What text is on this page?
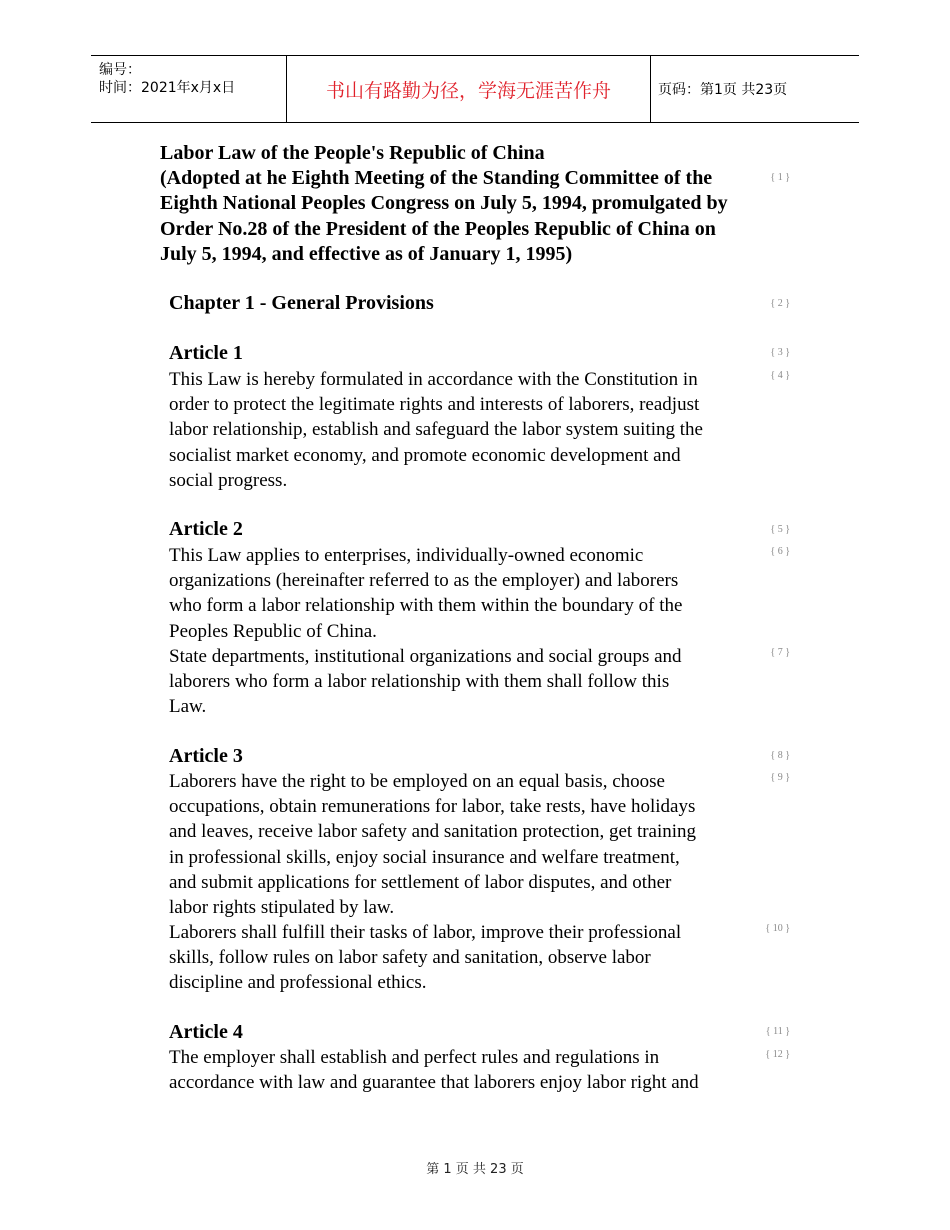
编号：
时间：2021年x月x日	书山有路勤为径，学海无涯苦作舟	页码：第1页 共23页
Labor Law of the People's Republic of China
(Adopted at he Eighth Meeting of the Standing Committee of the
Eighth National Peoples Congress on July 5, 1994, promulgated by
Order No.28 of the President of the Peoples Republic of China on
July 5, 1994, and effective as of January 1, 1995)
Chapter 1 - General Provisions
Article 1
This Law is hereby formulated in accordance with the Constitution in
order to protect the legitimate rights and interests of laborers, readjust
labor relationship, establish and safeguard the labor system suiting the
socialist market economy, and promote economic development and
social progress.
Article 2
This Law applies to enterprises, individually-owned economic
organizations (hereinafter referred to as the employer) and laborers
who form a labor relationship with them within the boundary of the
Peoples Republic of China.
State departments, institutional organizations and social groups and
laborers who form a labor relationship with them shall follow this
Law.
Article 3
Laborers have the right to be employed on an equal basis, choose
occupations, obtain remunerations for labor, take rests, have holidays
and leaves, receive labor safety and sanitation protection, get training
in professional skills, enjoy social insurance and welfare treatment,
and submit applications for settlement of labor disputes, and other
labor rights stipulated by law.
Laborers shall fulfill their tasks of labor, improve their professional
skills, follow rules on labor safety and sanitation, observe labor
discipline and professional ethics.
Article 4
The employer shall establish and perfect rules and regulations in
accordance with law and guarantee that laborers enjoy labor right and
{ 1 }
{ 2 }
{ 3 }
{ 4 }
{ 5 }
{ 6 }
{ 7 }
{ 8 }
{ 9 }
{ 10 }
{ 11 }
{ 12 }
第 1 页 共 23 页
